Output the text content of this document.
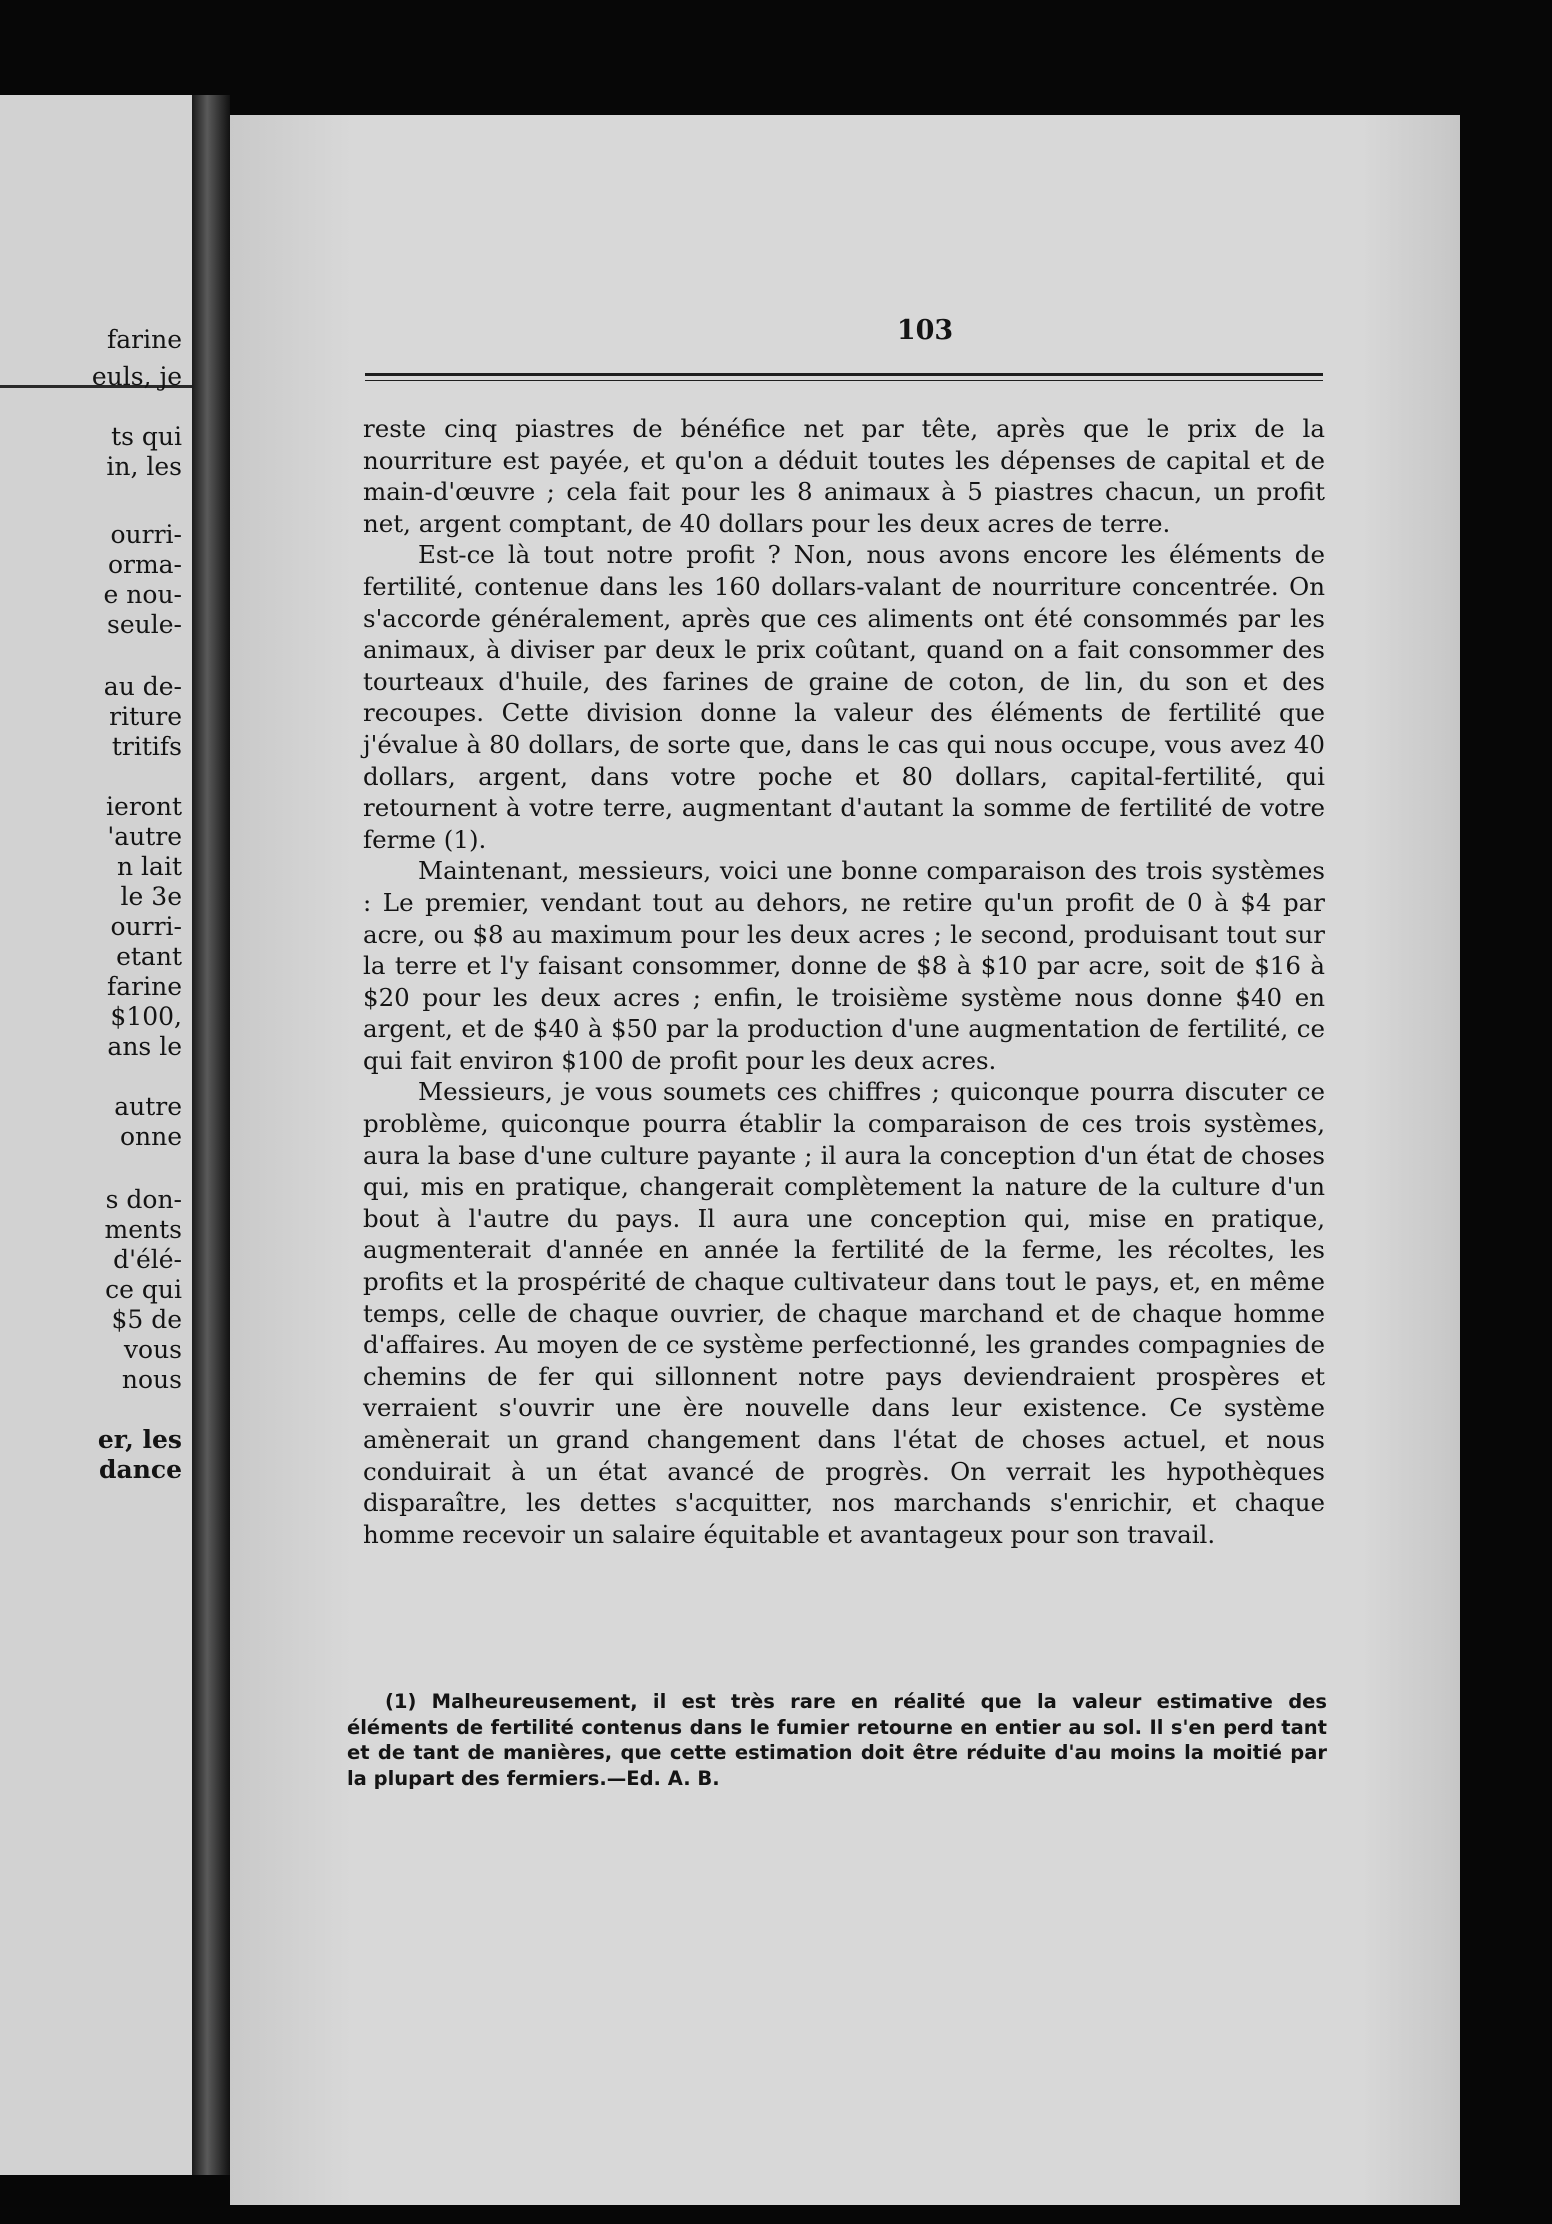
farine
euls, je
ts qui
in, les
ourri-
orma-
e nou-
seule-
au de-
riture
tritifs
ieront
'autre
n lait
le 3e
ourri-
etant
farine
$100,
ans le
autre
onne
s don-
ments
d'élé-
ce qui
$5 de
vous
nous
er, les
dance
103

reste cinq piastres de bénéfice net par tête, après que le prix de la nourriture est payée, et qu'on a déduit toutes les dépenses de capital et de main-d'œuvre ; cela fait pour les 8 animaux à 5 piastres chacun, un profit net, argent comptant, de 40 dollars pour les deux acres de terre.

Est-ce là tout notre profit ? Non, nous avons encore les éléments de fertilité, contenue dans les 160 dollars-valant de nourriture concentrée. On s'accorde généralement, après que ces aliments ont été consommés par les animaux, à diviser par deux le prix coûtant, quand on a fait consommer des tourteaux d'huile, des farines de graine de coton, de lin, du son et des recoupes. Cette division donne la valeur des éléments de fertilité que j'évalue à 80 dollars, de sorte que, dans le cas qui nous occupe, vous avez 40 dollars, argent, dans votre poche et 80 dollars, capital-fertilité, qui retournent à votre terre, augmentant d'autant la somme de fertilité de votre ferme (1).

Maintenant, messieurs, voici une bonne comparaison des trois systèmes : Le premier, vendant tout au dehors, ne retire qu'un profit de 0 à $4 par acre, ou $8 au maximum pour les deux acres ; le second, produisant tout sur la terre et l'y faisant consommer, donne de $8 à $10 par acre, soit de $16 à $20 pour les deux acres ; enfin, le troisième système nous donne $40 en argent, et de $40 à $50 par la production d'une augmentation de fertilité, ce qui fait environ $100 de profit pour les deux acres.

Messieurs, je vous soumets ces chiffres ; quiconque pourra discuter ce problème, quiconque pourra établir la comparaison de ces trois systèmes, aura la base d'une culture payante ; il aura la conception d'un état de choses qui, mis en pratique, changerait complètement la nature de la culture d'un bout à l'autre du pays. Il aura une conception qui, mise en pratique, augmenterait d'année en année la fertilité de la ferme, les récoltes, les profits et la prospérité de chaque cultivateur dans tout le pays, et, en même temps, celle de chaque ouvrier, de chaque marchand et de chaque homme d'affaires. Au moyen de ce système perfectionné, les grandes compagnies de chemins de fer qui sillonnent notre pays deviendraient prospères et verraient s'ouvrir une ère nouvelle dans leur existence. Ce système amènerait un grand changement dans l'état de choses actuel, et nous conduirait à un état avancé de progrès. On verrait les hypothèques disparaître, les dettes s'acquitter, nos marchands s'enrichir, et chaque homme recevoir un salaire équitable et avantageux pour son travail.

(1) Malheureusement, il est très rare en réalité que la valeur estimative des éléments de fertilité contenus dans le fumier retourne en entier au sol. Il s'en perd tant et de tant de manières, que cette estimation doit être réduite d'au moins la moitié par la plupart des fermiers.—Ed. A. B.
